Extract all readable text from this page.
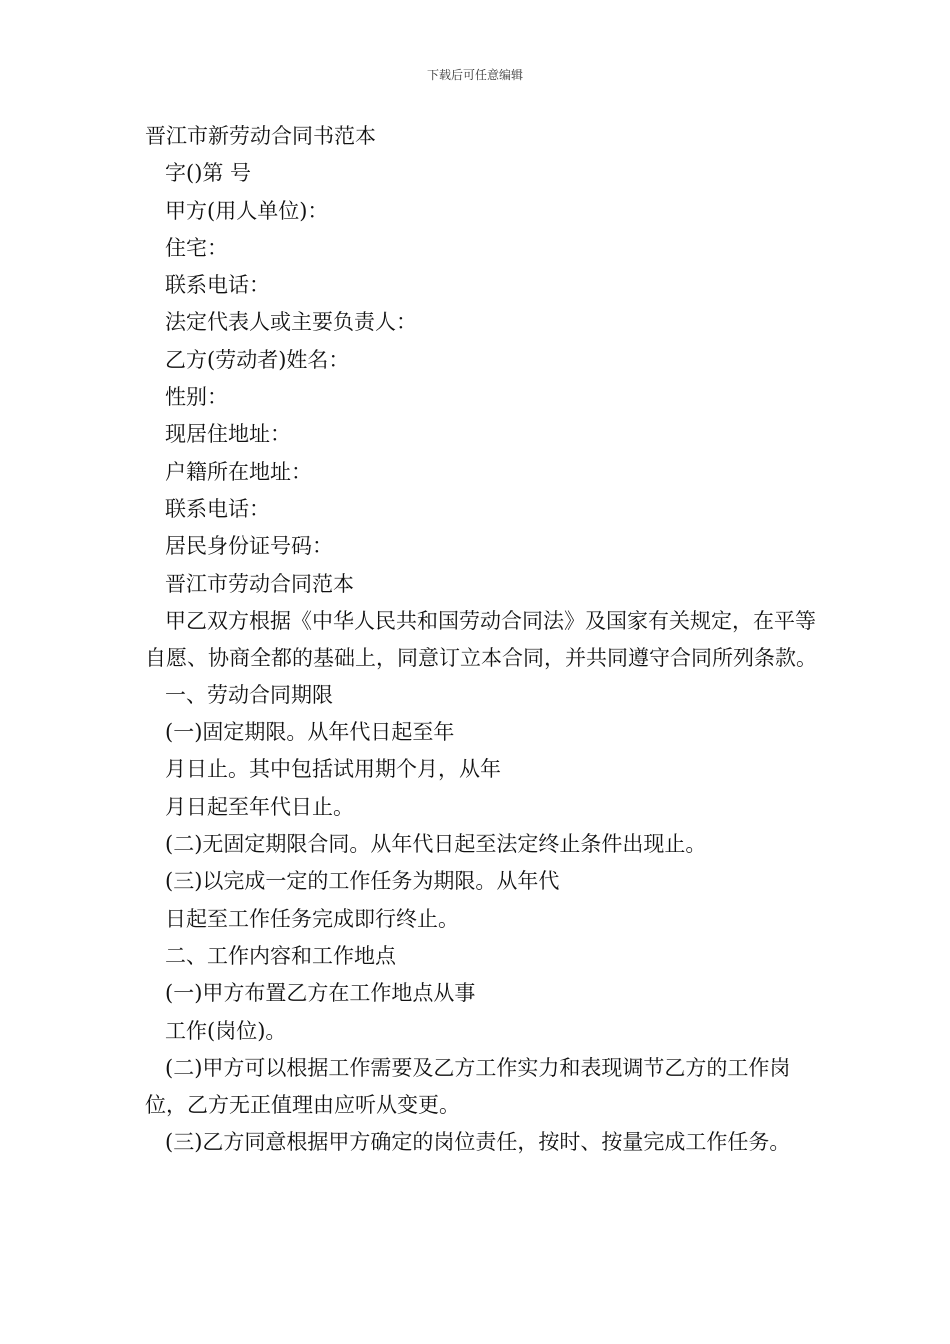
下载后可任意编辑
晋江市新劳动合同书范本
字()第 号
甲方(用人单位)：
住宅：
联系电话：
法定代表人或主要负责人：
乙方(劳动者)姓名：
性别：
现居住地址：
户籍所在地址：
联系电话：
居民身份证号码：
晋江市劳动合同范本
甲乙双方根据《中华人民共和国劳动合同法》及国家有关规定，在平等自愿、协商全都的基础上，同意订立本合同，并共同遵守合同所列条款。
一、劳动合同期限
(一)固定期限。从年代日起至年
月日止。其中包括试用期个月，从年
月日起至年代日止。
(二)无固定期限合同。从年代日起至法定终止条件出现止。
(三)以完成一定的工作任务为期限。从年代
日起至工作任务完成即行终止。
二、工作内容和工作地点
(一)甲方布置乙方在工作地点从事
工作(岗位)。
(二)甲方可以根据工作需要及乙方工作实力和表现调节乙方的工作岗位，乙方无正值理由应听从变更。
(三)乙方同意根据甲方确定的岗位责任，按时、按量完成工作任务。
